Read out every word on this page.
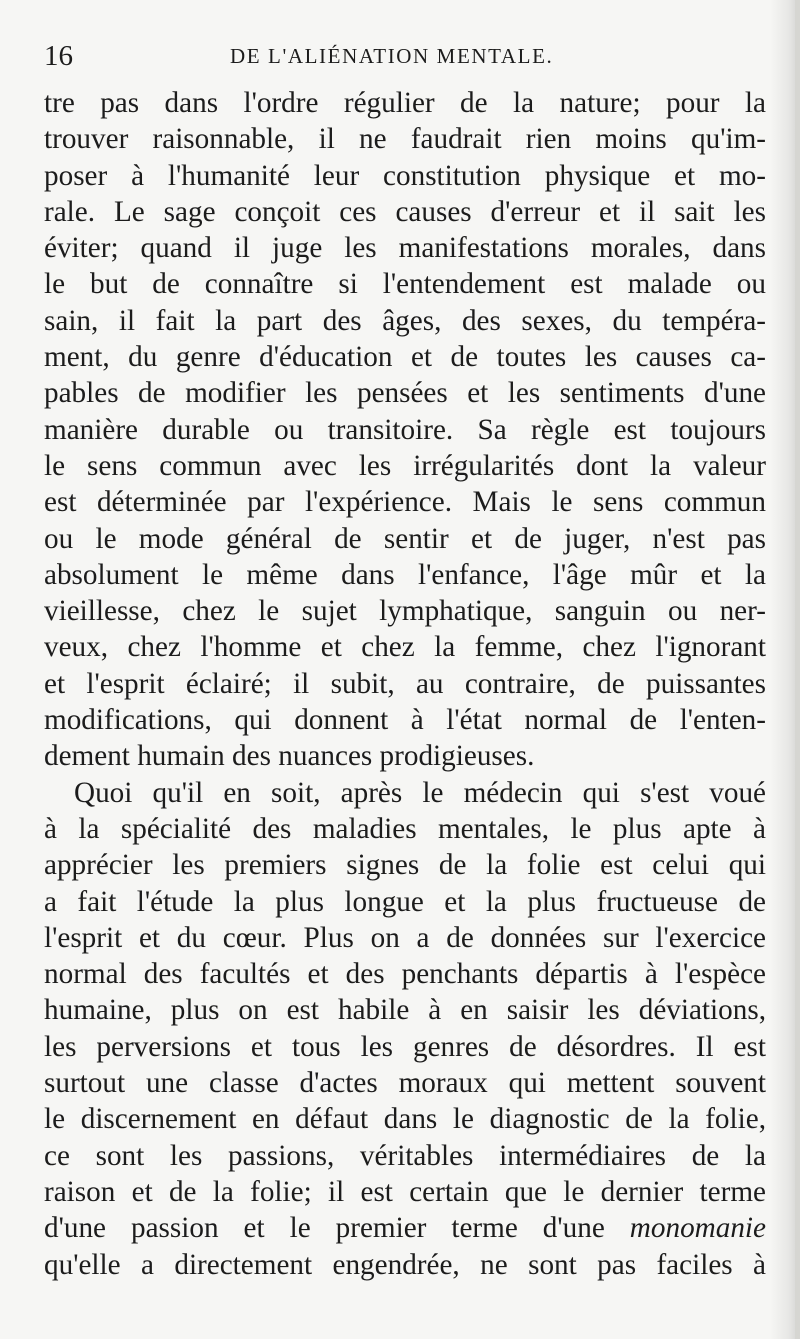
16	DE L'ALIÉNATION MENTALE.
tre pas dans l'ordre régulier de la nature; pour la
trouver raisonnable, il ne faudrait rien moins qu'im-
poser à l'humanité leur constitution physique et mo-
rale. Le sage conçoit ces causes d'erreur et il sait les
éviter; quand il juge les manifestations morales, dans
le but de connaître si l'entendement est malade ou
sain, il fait la part des âges, des sexes, du tempéra-
ment, du genre d'éducation et de toutes les causes ca-
pables de modifier les pensées et les sentiments d'une
manière durable ou transitoire. Sa règle est toujours
le sens commun avec les irrégularités dont la valeur
est déterminée par l'expérience. Mais le sens commun
ou le mode général de sentir et de juger, n'est pas
absolument le même dans l'enfance, l'âge mûr et la
vieillesse, chez le sujet lymphatique, sanguin ou ner-
veux, chez l'homme et chez la femme, chez l'ignorant
et l'esprit éclairé; il subit, au contraire, de puissantes
modifications, qui donnent à l'état normal de l'enten-
dement humain des nuances prodigieuses.
Quoi qu'il en soit, après le médecin qui s'est voué
à la spécialité des maladies mentales, le plus apte à
apprécier les premiers signes de la folie est celui qui
a fait l'étude la plus longue et la plus fructueuse de
l'esprit et du cœur. Plus on a de données sur l'exercice
normal des facultés et des penchants départis à l'espèce
humaine, plus on est habile à en saisir les déviations,
les perversions et tous les genres de désordres. Il est
surtout une classe d'actes moraux qui mettent souvent
le discernement en défaut dans le diagnostic de la folie,
ce sont les passions, véritables intermédiaires de la
raison et de la folie; il est certain que le dernier terme
d'une passion et le premier terme d'une monomanie
qu'elle a directement engendrée, ne sont pas faciles à
